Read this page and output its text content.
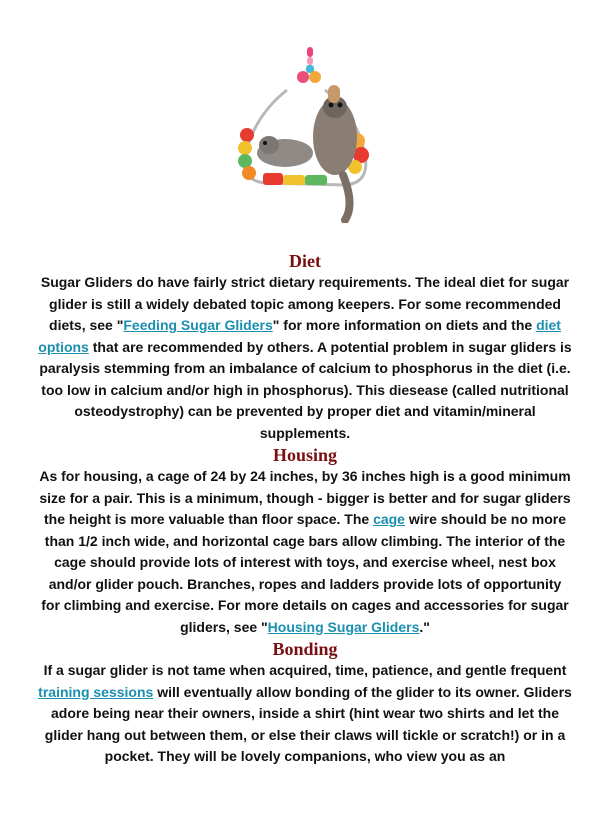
Diet

Sugar Gliders do have fairly strict dietary requirements. The ideal diet for sugar glider is still a widely debated topic among keepers. For some recommended diets, see "Feeding Sugar Gliders" for more information on diets and the diet options that are recommended by others. A potential problem in sugar gliders is paralysis stemming from an imbalance of calcium to phosphorus in the diet (i.e. too low in calcium and/or high in phosphorus). This diesease (called nutritional osteodystrophy) can be prevented by proper diet and vitamin/mineral supplements.

Housing

As for housing, a cage of 24 by 24 inches, by 36 inches high is a good minimum size for a pair. This is a minimum, though - bigger is better and for sugar gliders the height is more valuable than floor space. The cage wire should be no more than 1/2 inch wide, and horizontal cage bars allow climbing. The interior of the cage should provide lots of interest with toys, and exercise wheel, nest box and/or glider pouch. Branches, ropes and ladders provide lots of opportunity for climbing and exercise. For more details on cages and accessories for sugar gliders, see "Housing Sugar Gliders."

Bonding

If a sugar glider is not tame when acquired, time, patience, and gentle frequent training sessions will eventually allow bonding of the glider to its owner. Gliders adore being near their owners, inside a shirt (hint wear two shirts and let the glider hang out between them, or else their claws will tickle or scratch!) or in a pocket. They will be lovely companions, who view you as an
